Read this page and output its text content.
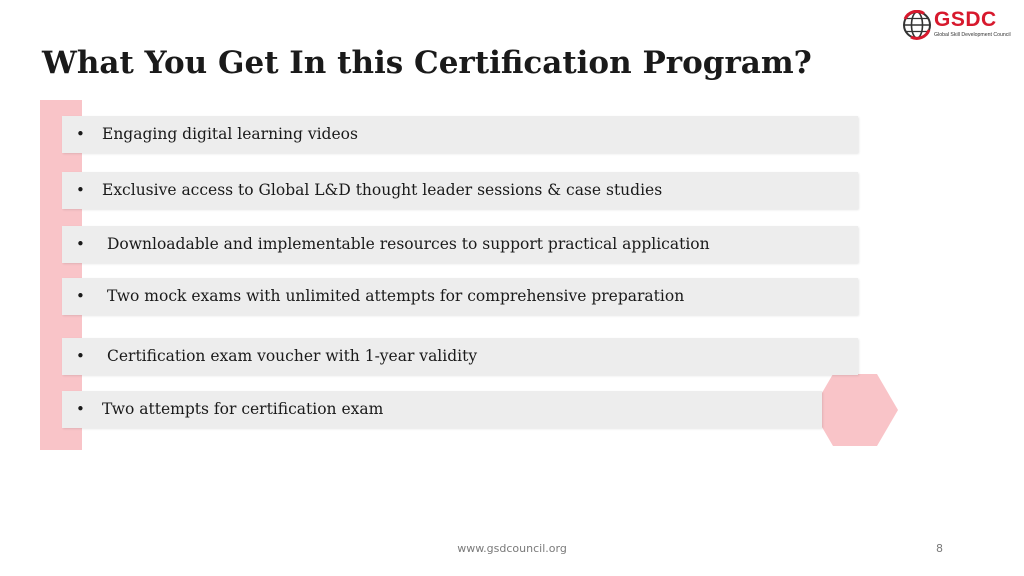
What You Get In this Certification Program?
GSDC
Global Skill Development Council
• Engaging digital learning videos
• Exclusive access to Global L&D thought leader sessions & case studies
• Downloadable and implementable resources to support practical application
• Two mock exams with unlimited attempts for comprehensive preparation
• Certification exam voucher with 1-year validity
• Two attempts for certification exam
www.gsdcouncil.org	8
